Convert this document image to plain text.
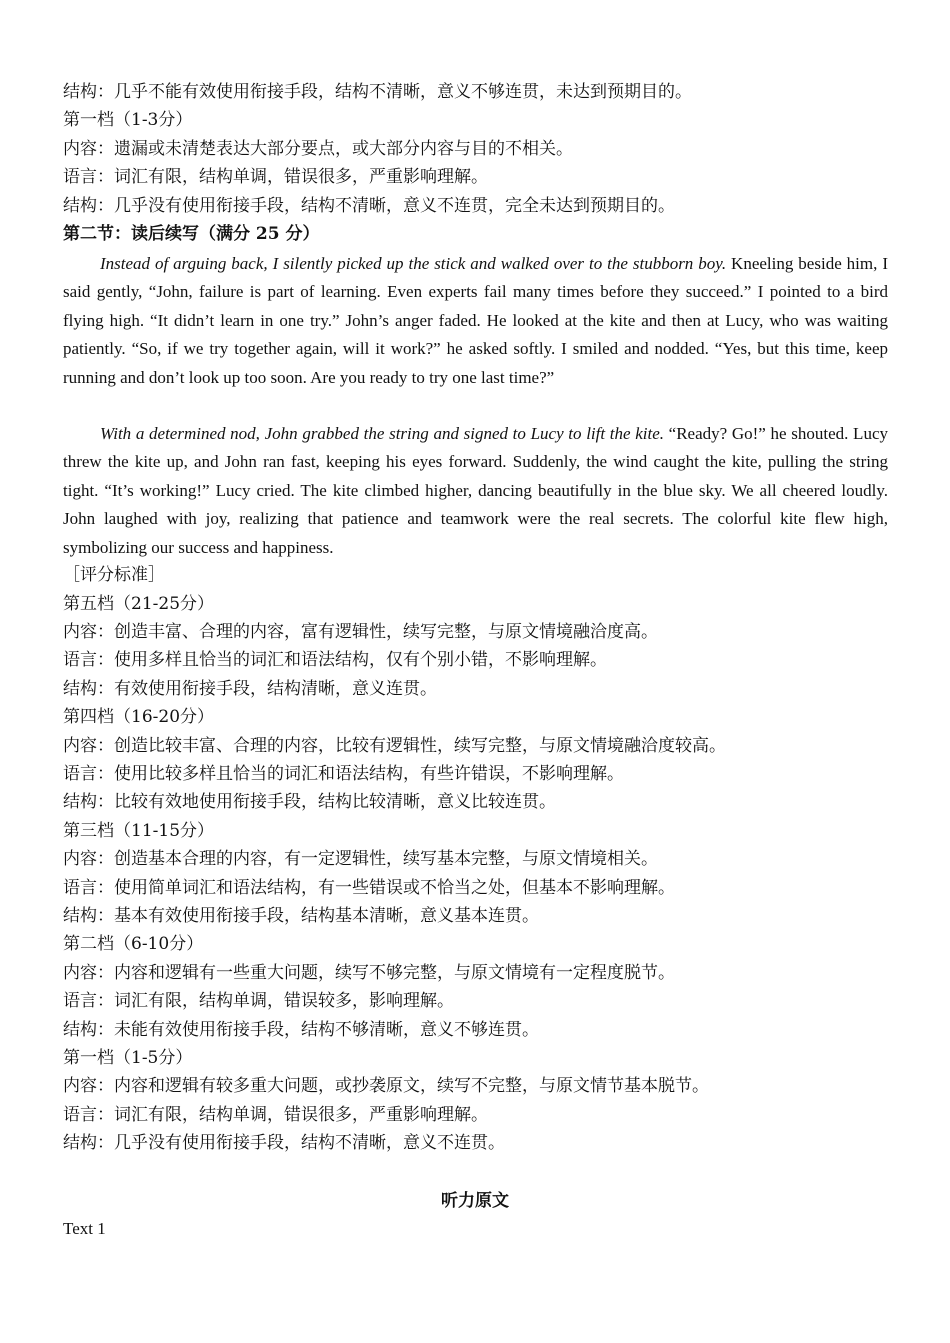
结构：几乎不能有效使用衔接手段，结构不清晰，意义不够连贯，未达到预期目的。
第一档（1-3分）
内容：遗漏或未清楚表达大部分要点，或大部分内容与目的不相关。
语言：词汇有限，结构单调，错误很多，严重影响理解。
结构：几乎没有使用衔接手段，结构不清晰，意义不连贯，完全未达到预期目的。
第二节：读后续写（满分 25 分）
Instead of arguing back, I silently picked up the stick and walked over to the stubborn boy. Kneeling beside him, I said gently, “John, failure is part of learning. Even experts fail many times before they succeed.” I pointed to a bird flying high. “It didn’t learn in one try.” John’s anger faded. He looked at the kite and then at Lucy, who was waiting patiently. “So, if we try together again, will it work?” he asked softly. I smiled and nodded. “Yes, but this time, keep running and don’t look up too soon. Are you ready to try one last time?”
With a determined nod, John grabbed the string and signed to Lucy to lift the kite. “Ready? Go!” he shouted. Lucy threw the kite up, and John ran fast, keeping his eyes forward. Suddenly, the wind caught the kite, pulling the string tight. “It’s working!” Lucy cried. The kite climbed higher, dancing beautifully in the blue sky. We all cheered loudly. John laughed with joy, realizing that patience and teamwork were the real secrets. The colorful kite flew high, symbolizing our success and happiness.
［评分标准］
第五档（21-25分）
内容：创造丰富、合理的内容，富有逻辑性，续写完整，与原文情境融洽度高。
语言：使用多样且恰当的词汇和语法结构，仅有个别小错，不影响理解。
结构：有效使用衔接手段，结构清晰，意义连贯。
第四档（16-20分）
内容：创造比较丰富、合理的内容，比较有逻辑性，续写完整，与原文情境融洽度较高。
语言：使用比较多样且恰当的词汇和语法结构，有些许错误，不影响理解。
结构：比较有效地使用衔接手段，结构比较清晰，意义比较连贯。
第三档（11-15分）
内容：创造基本合理的内容，有一定逻辑性，续写基本完整，与原文情境相关。
语言：使用简单词汇和语法结构，有一些错误或不恰当之处，但基本不影响理解。
结构：基本有效使用衔接手段，结构基本清晰，意义基本连贯。
第二档（6-10分）
内容：内容和逻辑有一些重大问题，续写不够完整，与原文情境有一定程度脱节。
语言：词汇有限，结构单调，错误较多，影响理解。
结构：未能有效使用衔接手段，结构不够清晰，意义不够连贯。
第一档（1-5分）
内容：内容和逻辑有较多重大问题，或抄袭原文，续写不完整，与原文情节基本脱节。
语言：词汇有限，结构单调，错误很多，严重影响理解。
结构：几乎没有使用衔接手段，结构不清晰，意义不连贯。
听力原文
Text 1
